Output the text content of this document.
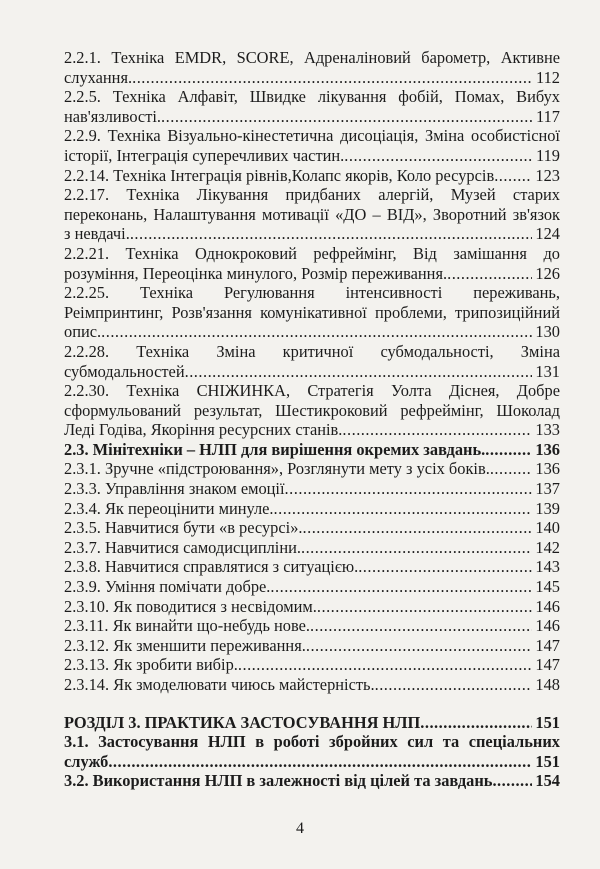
2.2.1. Техніка EMDR, SCORE, Адреналіновий барометр, Активне
слухання. .....	112
2.2.5. Техніка Алфавіт, Швидке лікування фобій, Помах, Вибух
нав'язливості. .....	117
2.2.9. Техніка Візуально-кінестетична дисоціація, Зміна особистісної
історії, Інтеграція суперечливих частин. .....	119
2.2.14. Техніка Інтеграція рівнів,Колапс якорів, Коло ресурсів .....	123
2.2.17. Техніка Лікування придбаних алергій, Музей старих
переконань, Налаштування мотивації «ДО – ВІД», Зворотний зв'язок
з невдачі. .....	124
2.2.21. Техніка Однокроковий рефреймінг, Від замішання до
розуміння, Переоцінка минулого, Розмір переживання. .....	126
2.2.25. Техніка Регулювання інтенсивності переживань,
Реімпринтинг, Розв'язання комунікативної проблеми, трипозиційний
опис. .....	130
2.2.28. Техніка Зміна критичної субмодальності, Зміна
субмодальностей .....	131
2.2.30. Техніка СНІЖИНКА, Стратегія Уолта Діснея, Добре
сформульований результат, Шестикроковий рефреймінг, Шоколад
Леді Годіва, Якоріння ресурсних станів. .....	133
2.3. Мінітехніки – НЛП для вирішення окремих завдань. .....	136
2.3.1. Зручне «підстроювання», Розглянути мету з усіх боків. .....	136
2.3.3. Управління знаком емоції .....	137
2.3.4. Як переоцінити минуле. .....	139
2.3.5. Навчитися бути «в ресурсі». .....	140
2.3.7. Навчитися самодисципліни. .....	142
2.3.8. Навчитися справлятися з ситуацією. .....	143
2.3.9. Уміння помічати добре. .....	145
2.3.10. Як поводитися з несвідомим. .....	146
2.3.11. Як винайти що-небудь нове. .....	146
2.3.12. Як зменшити переживання. .....	147
2.3.13. Як зробити вибір. .....	147
2.3.14. Як змоделювати чиюсь майстерність. .....	148
РОЗДІЛ 3. ПРАКТИКА ЗАСТОСУВАННЯ НЛП .....	151
3.1. Застосування НЛП в роботі збройних сил та спеціальних
служб .....	151
3.2. Використання НЛП в залежності від цілей та завдань .....	154
4
